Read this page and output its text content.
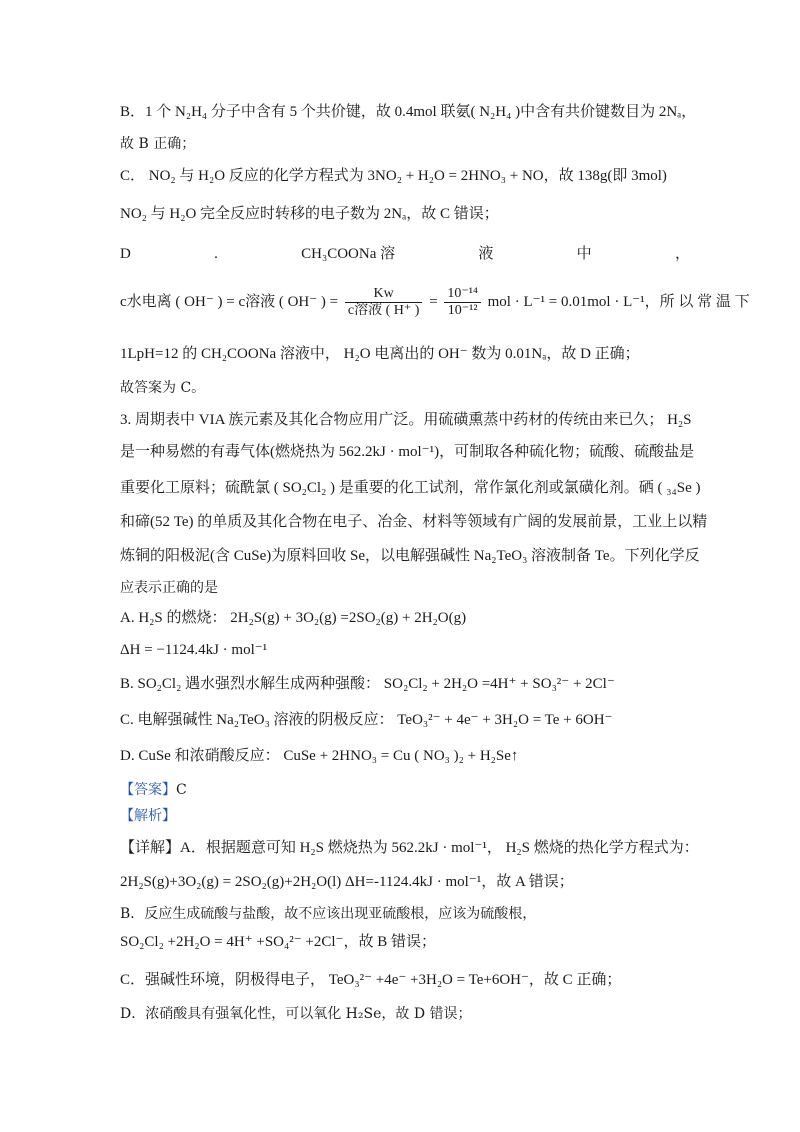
B．1 个 N₂H₄ 分子中含有 5 个共价键，故 0.4mol 联氨( N₂H₄ )中含有共价键数目为 2Nₐ，
故 B 正确；
C． NO₂ 与 H₂O 反应的化学方程式为 3NO₂ + H₂O = 2HNO₃ + NO，故 138g(即 3mol)
NO₂ 与 H₂O 完全反应时转移的电子数为 2Nₐ，故 C 错误；
D	.	CH₃COONa 溶	液	中	，
c水电离 ( OH⁻ ) = c溶液 ( OH⁻ ) = $\frac{Kw}{\text{c溶液 ( H⁺ )}} = \frac{\text{10⁻¹⁴}}{\text{10⁻¹²}}$ mol · L⁻¹ = 0.01mol · L⁻¹， 所 以 常 温 下
1LpH=12 的 CH₂COONa 溶液中， H₂O 电离出的 OH⁻ 数为 0.01Nₐ，故 D 正确；
故答案为 C。
3. 周期表中 VIA 族元素及其化合物应用广泛。用硫磺熏蒸中药材的传统由来已久； H₂S
是一种易燃的有毒气体(燃烧热为 562.2kJ · mol⁻¹)，可制取各种硫化物；硫酸、硫酸盐是
重要化工原料；硫酰氯 ( SO₂Cl₂ ) 是重要的化工试剂，常作氯化剂或氯磺化剂。硒 ( ₃₄Se )
和碲(52 Te) 的单质及其化合物在电子、冶金、材料等领域有广阔的发展前景，工业上以精
炼铜的阳极泥(含 CuSe)为原料回收 Se，以电解强碱性 Na₂TeO₃ 溶液制备 Te。下列化学反
应表示正确的是
A. H₂S 的燃烧： 2H₂S(g) + 3O₂(g) =2SO₂(g) + 2H₂O(g)
ΔH = −1124.4kJ · mol⁻¹
B. SO₂Cl₂ 遇水强烈水解生成两种强酸： SO₂Cl₂ + 2H₂O =4H⁺ + SO₃²⁻ + 2Cl⁻
C. 电解强碱性 Na₂TeO₃ 溶液的阴极反应： TeO₃²⁻ + 4e⁻ + 3H₂O = Te + 6OH⁻
D. CuSe 和浓硝酸反应： CuSe + 2HNO₃ = Cu ( NO₃ )₂ + H₂Se↑
【答案】C
【解析】
【详解】A．根据题意可知 H₂S 燃烧热为 562.2kJ · mol⁻¹， H₂S 燃烧的热化学方程式为：
2H₂S(g)+3O₂(g) = 2SO₂(g)+2H₂O(l) ΔH=-1124.4kJ · mol⁻¹，故 A 错误；
B．反应生成硫酸与盐酸，故不应该出现亚硫酸根，应该为硫酸根，
SO₂Cl₂ +2H₂O = 4H⁺ +SO₄²⁻ +2Cl⁻，故 B 错误；
C．强碱性环境，阴极得电子， TeO₃²⁻ +4e⁻ +3H₂O = Te+6OH⁻，故 C 正确；
D．浓硝酸具有强氧化性，可以氧化 H₂Se，故 D 错误；
